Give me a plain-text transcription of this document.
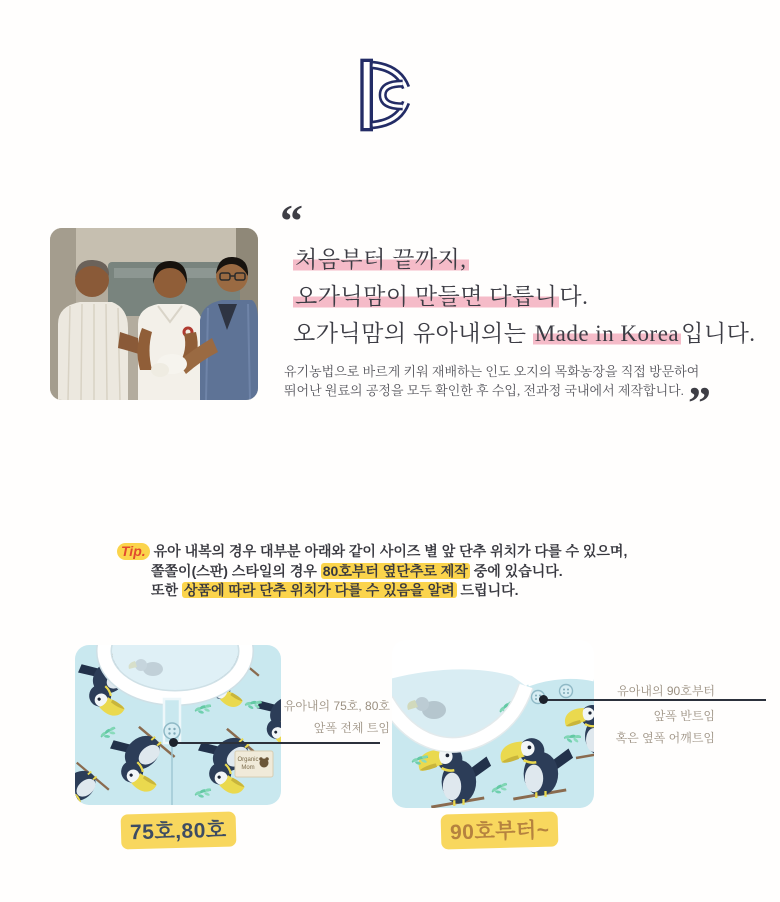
“
처음부터 끝까지,
오가닉맘이 만들면 다릅니다.
오가닉맘의 유아내의는 Made in Korea입니다.
유기농법으로 바르게 키워 재배하는 인도 오지의 목화농장을 직접 방문하여
뛰어난 원료의 공정을 모두 확인한 후 수입, 전과정 국내에서 제작합니다. ”
Tip. 유아 내복의 경우 대부분 아래와 같이 사이즈 별 앞 단추 위치가 다를 수 있으며,
쫄쫄이(스판) 스타일의 경우 80호부터 옆단추로 제작 중에 있습니다.
또한 상품에 따라 단추 위치가 다를 수 있음을 알려 드립니다.
Organic
Mom
유아내의 75호, 80호
앞폭 전체 트임
유아내의 90호부터
앞폭 반트임
혹은 옆폭 어깨트임
75호,80호	90호부터~
